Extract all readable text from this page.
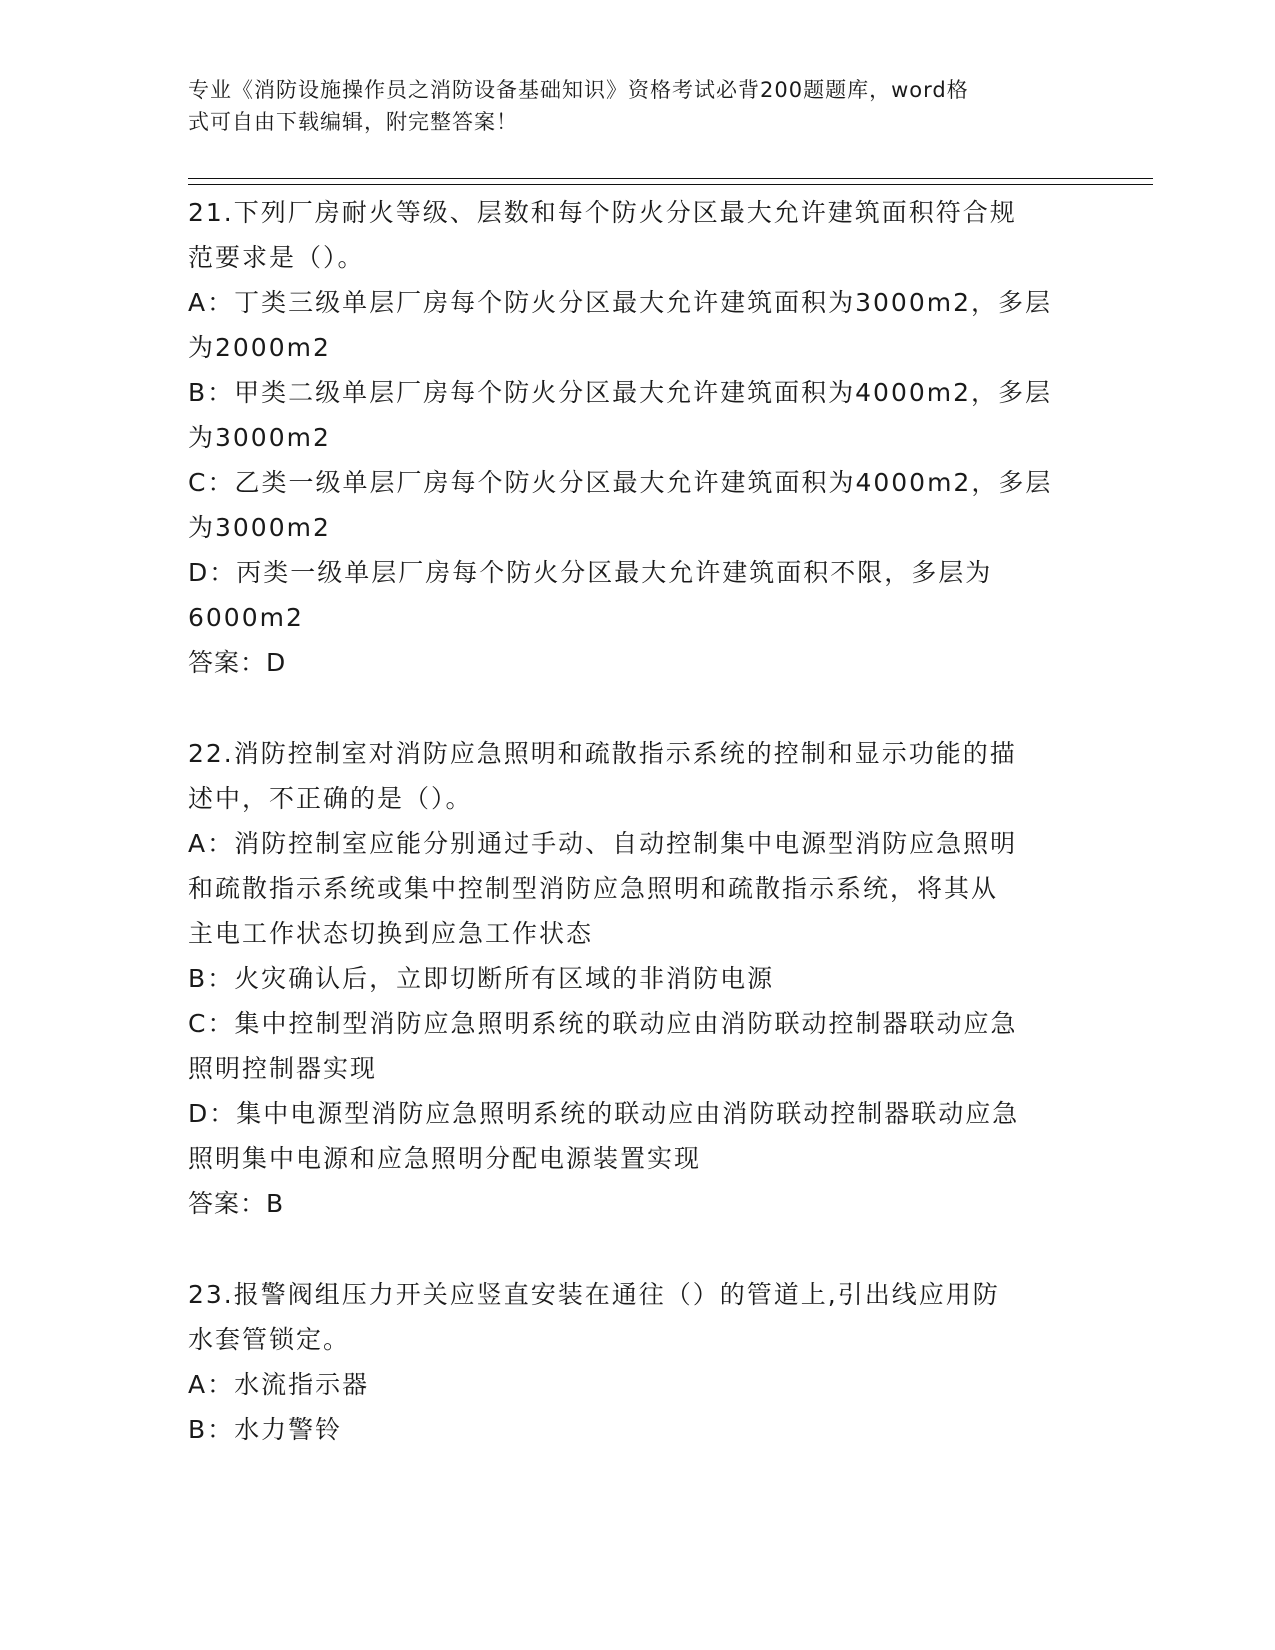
专业《消防设施操作员之消防设备基础知识》资格考试必背200题题库，word格
式可自由下载编辑，附完整答案！

21.下列厂房耐火等级、层数和每个防火分区最大允许建筑面积符合规

范要求是（）。

A：丁类三级单层厂房每个防火分区最大允许建筑面积为3000m2，多层

为2000m2

B：甲类二级单层厂房每个防火分区最大允许建筑面积为4000m2，多层

为3000m2

C：乙类一级单层厂房每个防火分区最大允许建筑面积为4000m2，多层

为3000m2

D：丙类一级单层厂房每个防火分区最大允许建筑面积不限，多层为

6000m2

答案：D

22.消防控制室对消防应急照明和疏散指示系统的控制和显示功能的描

述中，不正确的是（）。

A：消防控制室应能分别通过手动、自动控制集中电源型消防应急照明

和疏散指示系统或集中控制型消防应急照明和疏散指示系统，将其从

主电工作状态切换到应急工作状态

B：火灾确认后，立即切断所有区域的非消防电源

C：集中控制型消防应急照明系统的联动应由消防联动控制器联动应急

照明控制器实现

D：集中电源型消防应急照明系统的联动应由消防联动控制器联动应急

照明集中电源和应急照明分配电源装置实现

答案：B

23.报警阀组压力开关应竖直安装在通往（）的管道上,引出线应用防

水套管锁定。

A：水流指示器

B：水力警铃
